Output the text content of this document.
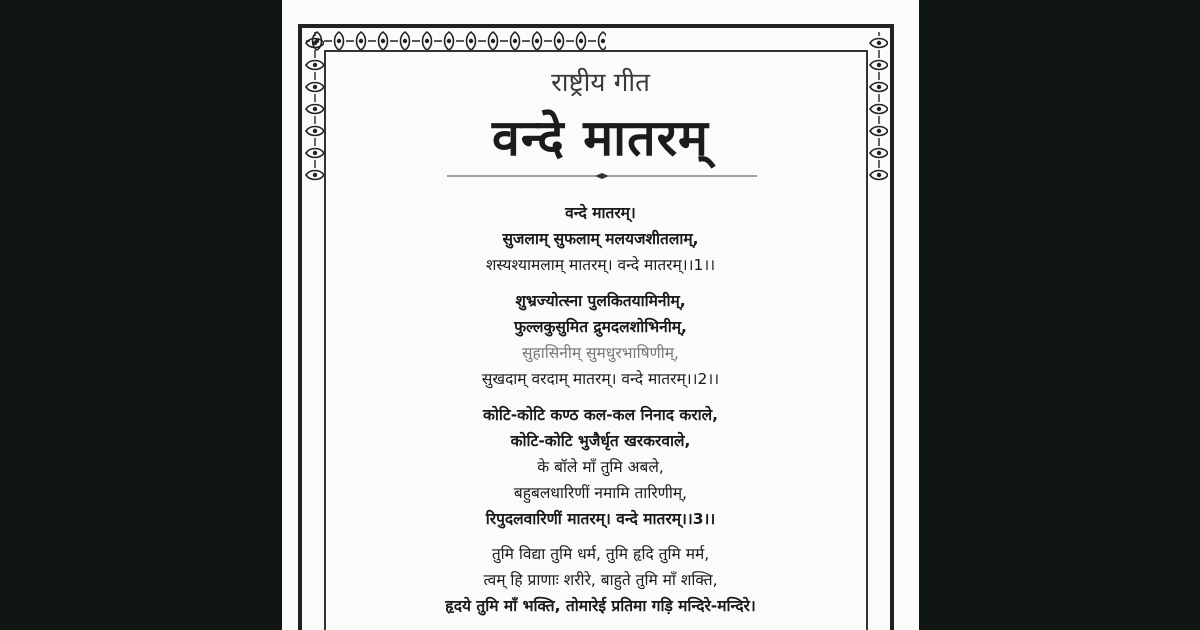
राष्ट्रीय गीत
वन्दे मातरम्
वन्दे मातरम्।
सुजलाम् सुफलाम् मलयजशीतलाम्,
शस्यश्यामलाम् मातरम्। वन्दे मातरम्।।1।।
शुभ्रज्योत्स्ना पुलकितयामिनीम्,
फुल्लकुसुमित द्रुमदलशोभिनीम्,
सुहासिनीम् सुमधुरभाषिणीम्,
सुखदाम् वरदाम् मातरम्। वन्दे मातरम्।।2।।
कोटि-कोटि कण्ठ कल-कल निनाद कराले,
कोटि-कोटि भुजैर्धृत खरकरवाले,
के बॉले माँ तुमि अबले,
बहुबलधारिणीं नमामि तारिणीम्,
रिपुदलवारिणीं मातरम्। वन्दे मातरम्।।3।।
तुमि विद्या तुमि धर्म, तुमि हृदि तुमि मर्म,
त्वम् हि प्राणाः शरीरे, बाहुते तुमि माँ शक्ति,
हृदये तुमि माँ भक्ति, तोमारेई प्रतिमा गड़ि मन्दिरे-मन्दिरे।
